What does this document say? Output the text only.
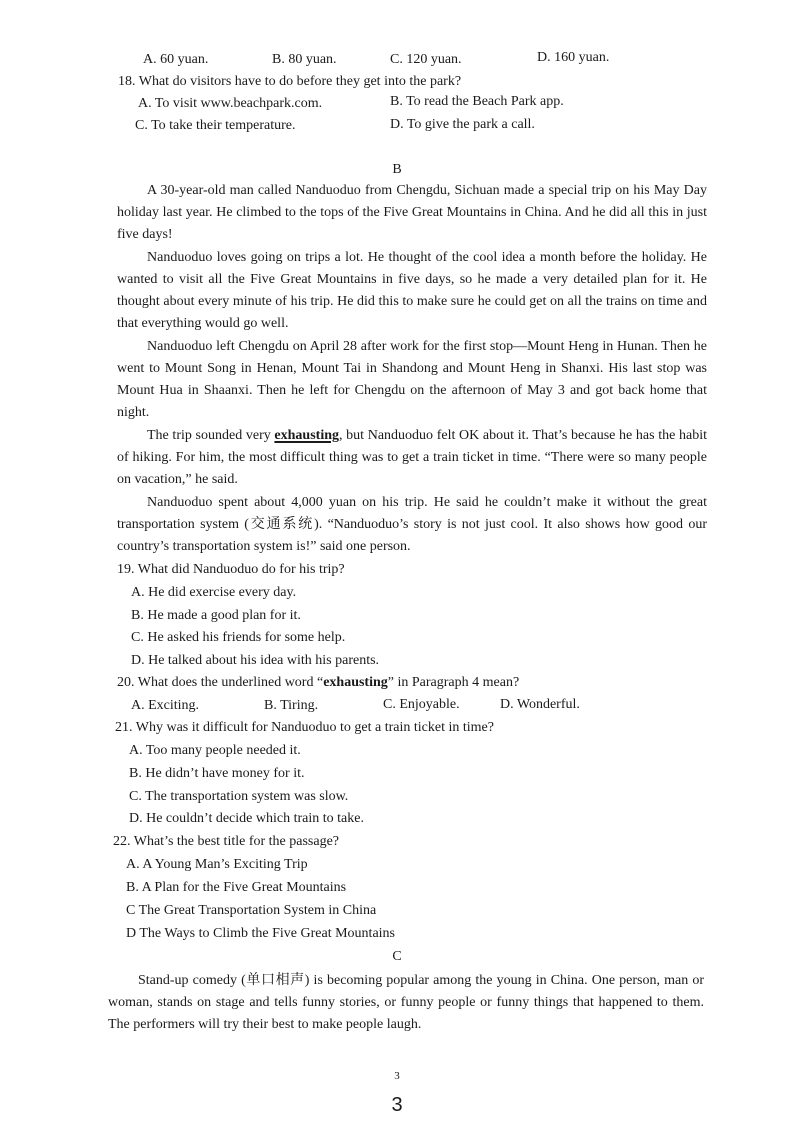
A. 60 yuan.	B. 80 yuan.	C. 120 yuan.	D. 160 yuan.
18. What do visitors have to do before they get into the park?
A. To visit www.beachpark.com.	B. To read the Beach Park app.
C. To take their temperature.	D. To give the park a call.
B
A 30-year-old man called Nanduoduo from Chengdu, Sichuan made a special trip on his May Day holiday last year. He climbed to the tops of the Five Great Mountains in China. And he did all this in just five days!
Nanduoduo loves going on trips a lot. He thought of the cool idea a month before the holiday. He wanted to visit all the Five Great Mountains in five days, so he made a very detailed plan for it. He thought about every minute of his trip. He did this to make sure he could get on all the trains on time and that everything would go well.
Nanduoduo left Chengdu on April 28 after work for the first stop—Mount Heng in Hunan. Then he went to Mount Song in Henan, Mount Tai in Shandong and Mount Heng in Shanxi. His last stop was Mount Hua in Shaanxi. Then he left for Chengdu on the afternoon of May 3 and got back home that night.
The trip sounded very exhausting, but Nanduoduo felt OK about it. That’s because he has the habit of hiking. For him, the most difficult thing was to get a train ticket in time. “There were so many people on vacation,” he said.
Nanduoduo spent about 4,000 yuan on his trip. He said he couldn’t make it without the great transportation system (交通系统). “Nanduoduo’s story is not just cool. It also shows how good our country’s transportation system is!” said one person.
19. What did Nanduoduo do for his trip?
A. He did exercise every day.
B. He made a good plan for it.
C. He asked his friends for some help.
D. He talked about his idea with his parents.
20. What does the underlined word “exhausting” in Paragraph 4 mean?
A. Exciting.	B. Tiring.	C. Enjoyable.	D. Wonderful.
21. Why was it difficult for Nanduoduo to get a train ticket in time?
A. Too many people needed it.
B. He didn’t have money for it.
C. The transportation system was slow.
D. He couldn’t decide which train to take.
22. What’s the best title for the passage?
A. A Young Man’s Exciting Trip
B. A Plan for the Five Great Mountains
C The Great Transportation System in China
D The Ways to Climb the Five Great Mountains
C
Stand-up comedy (单口相声) is becoming popular among the young in China. One person, man or woman, stands on stage and tells funny stories, or funny people or funny things that happened to them. The performers will try their best to make people laugh.
3
3
